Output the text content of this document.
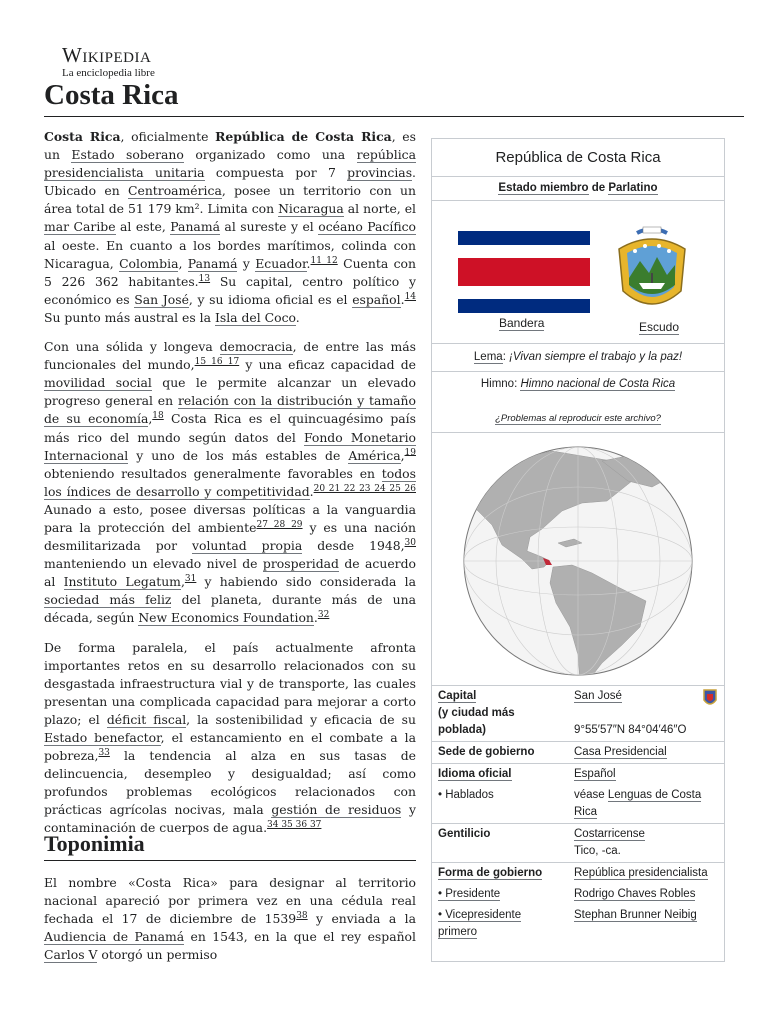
Wikipedia
La enciclopedia libre
Costa Rica

Costa Rica, oficialmente República de Costa Rica, es un Estado soberano organizado como una república presidencialista unitaria compuesta por 7 provincias. Ubicado en Centroamérica, posee un territorio con un área total de 51 179 km². Limita con Nicaragua al norte, el mar Caribe al este, Panamá al sureste y el océano Pacífico al oeste. En cuanto a los bordes marítimos, colinda con Nicaragua, Colombia, Panamá y Ecuador.$^{11 12}$ Cuenta con 5 226 362 habitantes.$^{13}$ Su capital, centro político y económico es San José, y su idioma oficial es el español.$^{14}$ Su punto más austral es la Isla del Coco.

Con una sólida y longeva democracia, de entre las más funcionales del mundo,$^{15 16 17}$ y una eficaz capacidad de movilidad social que le permite alcanzar un elevado progreso general en relación con la distribución y tamaño de su economía,$^{18}$ Costa Rica es el quincuagésimo país más rico del mundo según datos del Fondo Monetario Internacional y uno de los más estables de América,$^{19}$ obteniendo resultados generalmente favorables en todos los índices de desarrollo y competitividad.$^{20 21 22 23 24 25 26}$ Aunado a esto, posee diversas políticas a la vanguardia para la protección del ambiente$^{27 28 29}$ y es una nación desmilitarizada por voluntad propia desde 1948,30 manteniendo un elevado nivel de prosperidad de acuerdo al Instituto Legatum,$^{31}$ y habiendo sido considerada la sociedad más feliz del planeta, durante más de una década, según New Economics Foundation.$^{32}$

De forma paralela, el país actualmente afronta importantes retos en su desarrollo relacionados con su desgastada infraestructura vial y de transporte, las cuales presentan una complicada capacidad para mejorar a corto plazo; el déficit fiscal, la sostenibilidad y eficacia de su Estado benefactor, el estancamiento en el combate a la pobreza,$^{33}$ la tendencia al alza en sus tasas de delincuencia, desempleo y desigualdad; así como profundos problemas ecológicos relacionados con prácticas agrícolas nocivas, mala gestión de residuos y contaminación de cuerpos de agua.$^{34 35 36 37}$

Toponimia

El nombre «Costa Rica» para designar al territorio nacional apareció por primera vez en una cédula real fechada el 17 de diciembre de 1539$^{38}$ y enviada a la Audiencia de Panamá en 1543, en la que el rey español Carlos V otorgó un permiso

República de Costa Rica
Estado miembro de Parlatino
Bandera	Escudo
Lema: ¡Vivan siempre el trabajo y la paz!
Himno: Himno nacional de Costa Rica
¿Problemas al reproducir este archivo?
Capital
(y ciudad más poblada)	San José

9°55′57″N 84°04′46″O
Sede de gobierno	Casa Presidencial
Idioma oficial	Español
• Hablados	véase Lenguas de Costa Rica
Gentilicio	Costarricense
Tico, -ca.
Forma de gobierno	República presidencialista
• Presidente	Rodrigo Chaves Robles
• Vicepresidente primero	Stephan Brunner Neibig
